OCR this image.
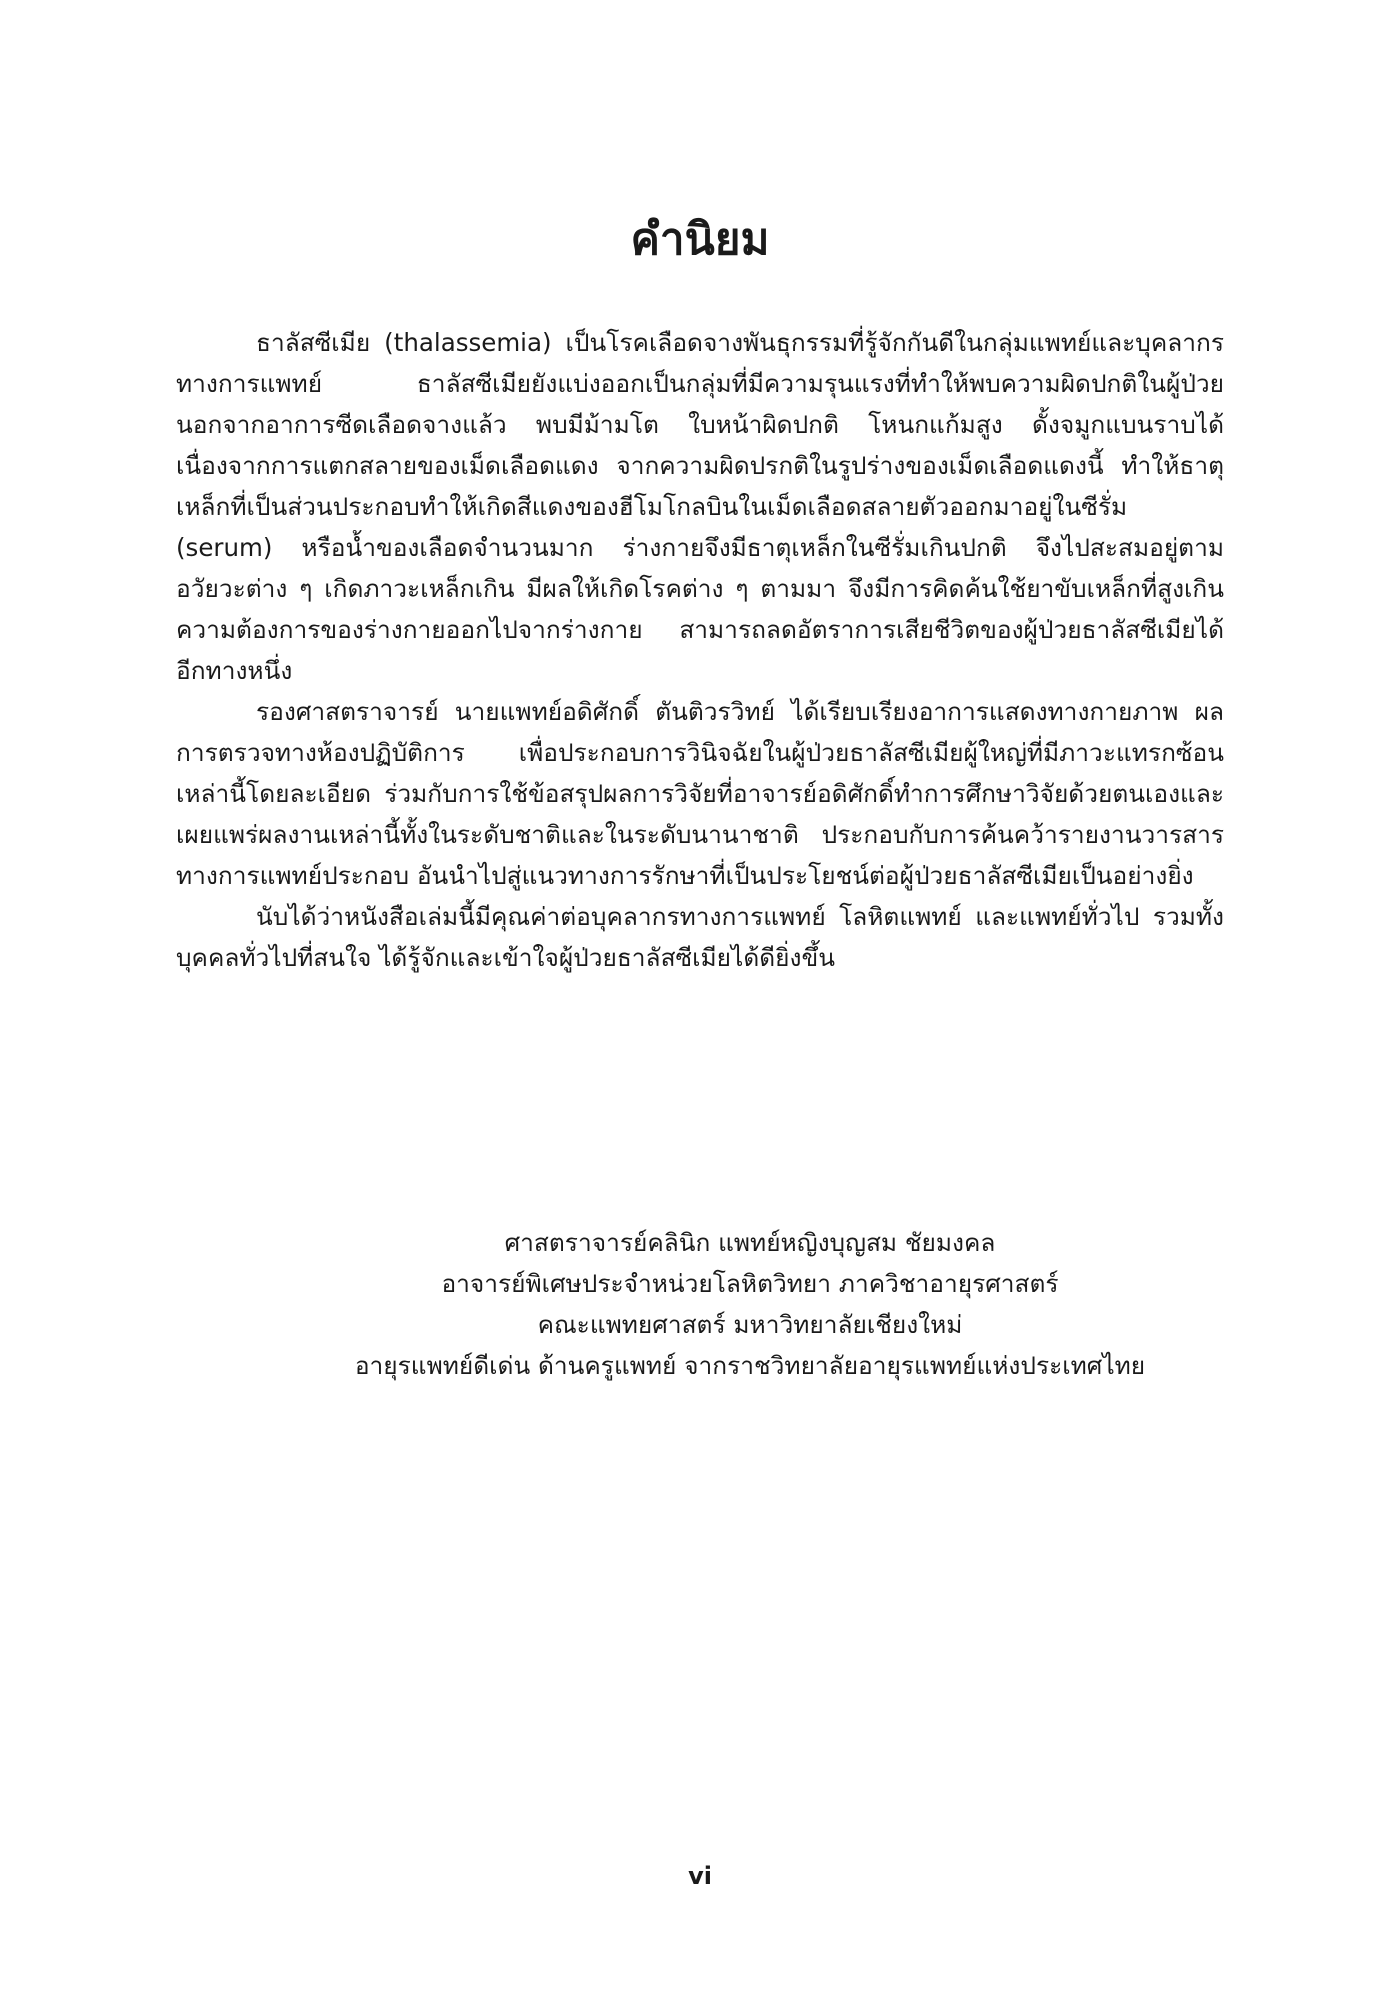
คำนิยม

ธาลัสซีเมีย (thalassemia) เป็นโรคเลือดจางพันธุกรรมที่รู้จักกันดีในกลุ่มแพทย์และบุคลากรทางการแพทย์ ธาลัสซีเมียยังแบ่งออกเป็นกลุ่มที่มีความรุนแรงที่ทำให้พบความผิดปกติในผู้ป่วยนอกจากอาการซีดเลือดจางแล้ว พบมีม้ามโต ใบหน้าผิดปกติ โหนกแก้มสูง ดั้งจมูกแบนราบได้ เนื่องจากการแตกสลายของเม็ดเลือดแดง จากความผิดปรกติในรูปร่างของเม็ดเลือดแดงนี้ ทำให้ธาตุเหล็กที่เป็นส่วนประกอบทำให้เกิดสีแดงของฮีโมโกลบินในเม็ดเลือดสลายตัวออกมาอยู่ในซีรั่ม (serum) หรือน้ำของเลือดจำนวนมาก ร่างกายจึงมีธาตุเหล็กในซีรั่มเกินปกติ จึงไปสะสมอยู่ตามอวัยวะต่าง ๆ เกิดภาวะเหล็กเกิน มีผลให้เกิดโรคต่าง ๆ ตามมา จึงมีการคิดค้นใช้ยาขับเหล็กที่สูงเกินความต้องการของร่างกายออกไปจากร่างกาย สามารถลดอัตราการเสียชีวิตของผู้ป่วยธาลัสซีเมียได้อีกทางหนึ่ง

รองศาสตราจารย์ นายแพทย์อดิศักดิ์ ตันติวรวิทย์ ได้เรียบเรียงอาการแสดงทางกายภาพ ผลการตรวจทางห้องปฏิบัติการ เพื่อประกอบการวินิจฉัยในผู้ป่วยธาลัสซีเมียผู้ใหญ่ที่มีภาวะแทรกซ้อนเหล่านี้โดยละเอียด ร่วมกับการใช้ข้อสรุปผลการวิจัยที่อาจารย์อดิศักดิ์ทำการศึกษาวิจัยด้วยตนเองและเผยแพร่ผลงานเหล่านี้ทั้งในระดับชาติและในระดับนานาชาติ ประกอบกับการค้นคว้ารายงานวารสารทางการแพทย์ประกอบ อันนำไปสู่แนวทางการรักษาที่เป็นประโยชน์ต่อผู้ป่วยธาลัสซีเมียเป็นอย่างยิ่ง

นับได้ว่าหนังสือเล่มนี้มีคุณค่าต่อบุคลากรทางการแพทย์ โลหิตแพทย์ และแพทย์ทั่วไป รวมทั้งบุคคลทั่วไปที่สนใจ ได้รู้จักและเข้าใจผู้ป่วยธาลัสซีเมียได้ดียิ่งขึ้น

ศาสตราจารย์คลินิก แพทย์หญิงบุญสม ชัยมงคล
อาจารย์พิเศษประจำหน่วยโลหิตวิทยา ภาควิชาอายุรศาสตร์
คณะแพทยศาสตร์ มหาวิทยาลัยเชียงใหม่
อายุรแพทย์ดีเด่น ด้านครูแพทย์ จากราชวิทยาลัยอายุรแพทย์แห่งประเทศไทย
vi
